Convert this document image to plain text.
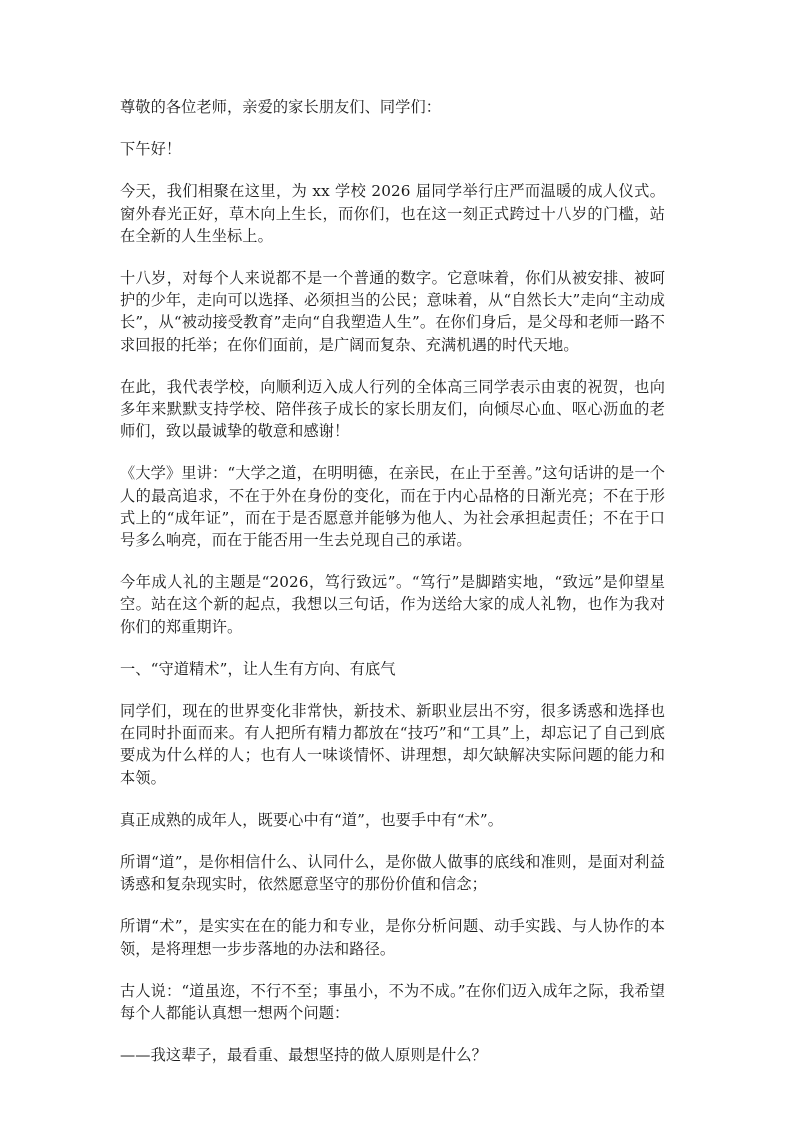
尊敬的各位老师，亲爱的家长朋友们、同学们：

下午好！

今天，我们相聚在这里，为 xx 学校 2026 届同学举行庄严而温暖的成人仪式。窗外春光正好，草木向上生长，而你们，也在这一刻正式跨过十八岁的门槛，站在全新的人生坐标上。

十八岁，对每个人来说都不是一个普通的数字。它意味着，你们从被安排、被呵护的少年，走向可以选择、必须担当的公民；意味着，从“自然长大”走向“主动成长”，从“被动接受教育”走向“自我塑造人生”。在你们身后，是父母和老师一路不求回报的托举；在你们面前，是广阔而复杂、充满机遇的时代天地。

在此，我代表学校，向顺利迈入成人行列的全体高三同学表示由衷的祝贺，也向多年来默默支持学校、陪伴孩子成长的家长朋友们，向倾尽心血、呕心沥血的老师们，致以最诚挚的敬意和感谢！

《大学》里讲：“大学之道，在明明德，在亲民，在止于至善。”这句话讲的是一个人的最高追求，不在于外在身份的变化，而在于内心品格的日渐光亮；不在于形式上的“成年证”，而在于是否愿意并能够为他人、为社会承担起责任；不在于口号多么响亮，而在于能否用一生去兑现自己的承诺。

今年成人礼的主题是“2026，笃行致远”。“笃行”是脚踏实地，“致远”是仰望星空。站在这个新的起点，我想以三句话，作为送给大家的成人礼物，也作为我对你们的郑重期许。

一、“守道精术”，让人生有方向、有底气

同学们，现在的世界变化非常快，新技术、新职业层出不穷，很多诱惑和选择也在同时扑面而来。有人把所有精力都放在“技巧”和“工具”上，却忘记了自己到底要成为什么样的人；也有人一味谈情怀、讲理想，却欠缺解决实际问题的能力和本领。

真正成熟的成年人，既要心中有“道”，也要手中有“术”。

所谓“道”，是你相信什么、认同什么，是你做人做事的底线和准则，是面对利益诱惑和复杂现实时，依然愿意坚守的那份价值和信念；

所谓“术”，是实实在在的能力和专业，是你分析问题、动手实践、与人协作的本领，是将理想一步步落地的办法和路径。

古人说：“道虽迩，不行不至；事虽小，不为不成。”在你们迈入成年之际，我希望每个人都能认真想一想两个问题：

——我这辈子，最看重、最想坚持的做人原则是什么？
